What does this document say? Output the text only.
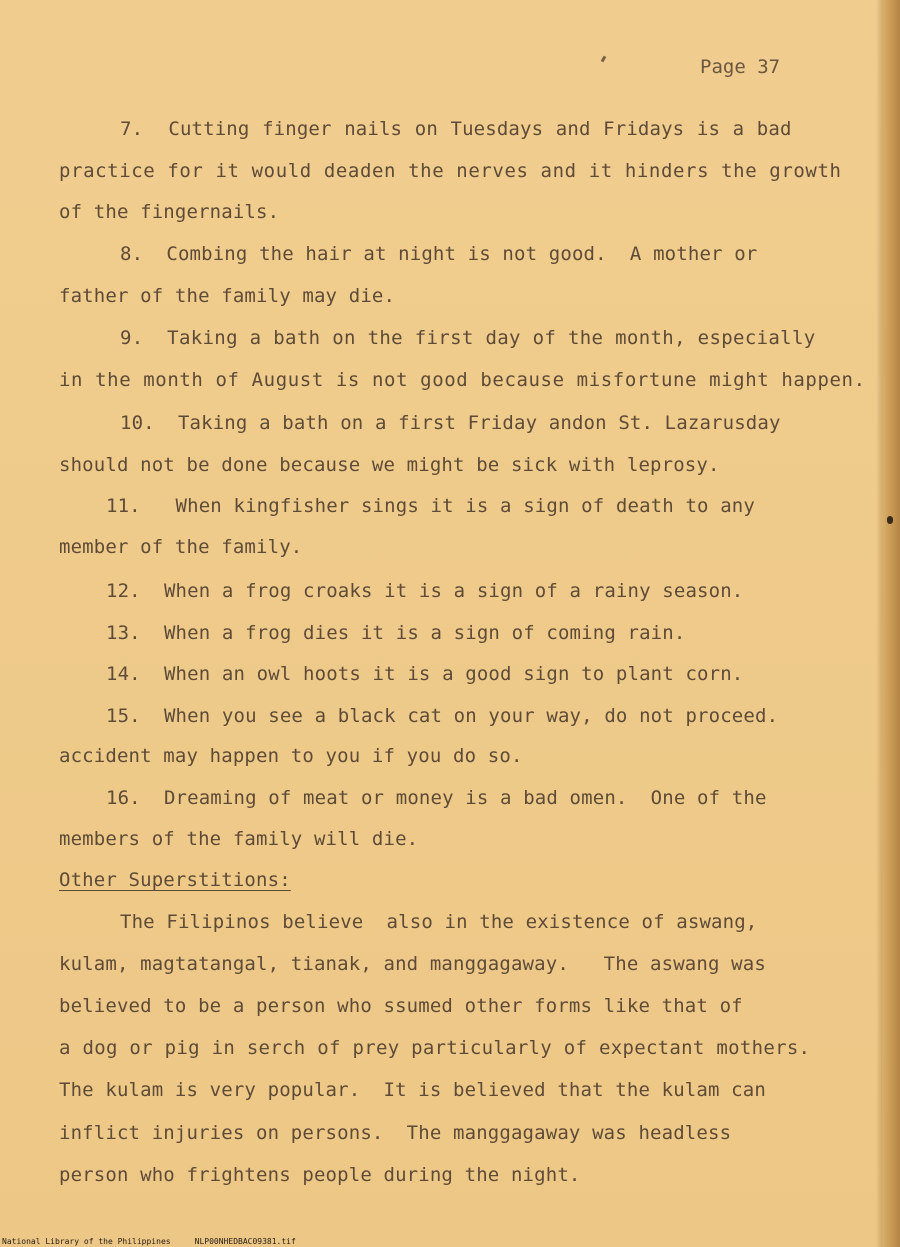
Page 37
7.  Cutting finger nails on Tuesdays and Fridays is a bad
practice for it would deaden the nerves and it hinders the growth
of the fingernails.
8.  Combing the hair at night is not good.  A mother or
father of the family may die.
9.  Taking a bath on the first day of the month, especially
in the month of August is not good because misfortune might happen.
10.  Taking a bath on a first Friday andon St. Lazarusday
should not be done because we might be sick with leprosy.
11.   When kingfisher sings it is a sign of death to any
member of the family.
12.  When a frog croaks it is a sign of a rainy season.
13.  When a frog dies it is a sign of coming rain.
14.  When an owl hoots it is a good sign to plant corn.
15.  When you see a black cat on your way, do not proceed.
accident may happen to you if you do so.
16.  Dreaming of meat or money is a bad omen.  One of the
members of the family will die.
Other Superstitions:
The Filipinos believe  also in the existence of aswang,
kulam, magtatangal, tianak, and manggagaway.   The aswang was
believed to be a person who ssumed other forms like that of
a dog or pig in serch of prey particularly of expectant mothers.
The kulam is very popular.  It is believed that the kulam can
inflict injuries on persons.  The manggagaway was headless
person who frightens people during the night.
National Library of the Philippines     NLP00NHEDBAC09381.tif
